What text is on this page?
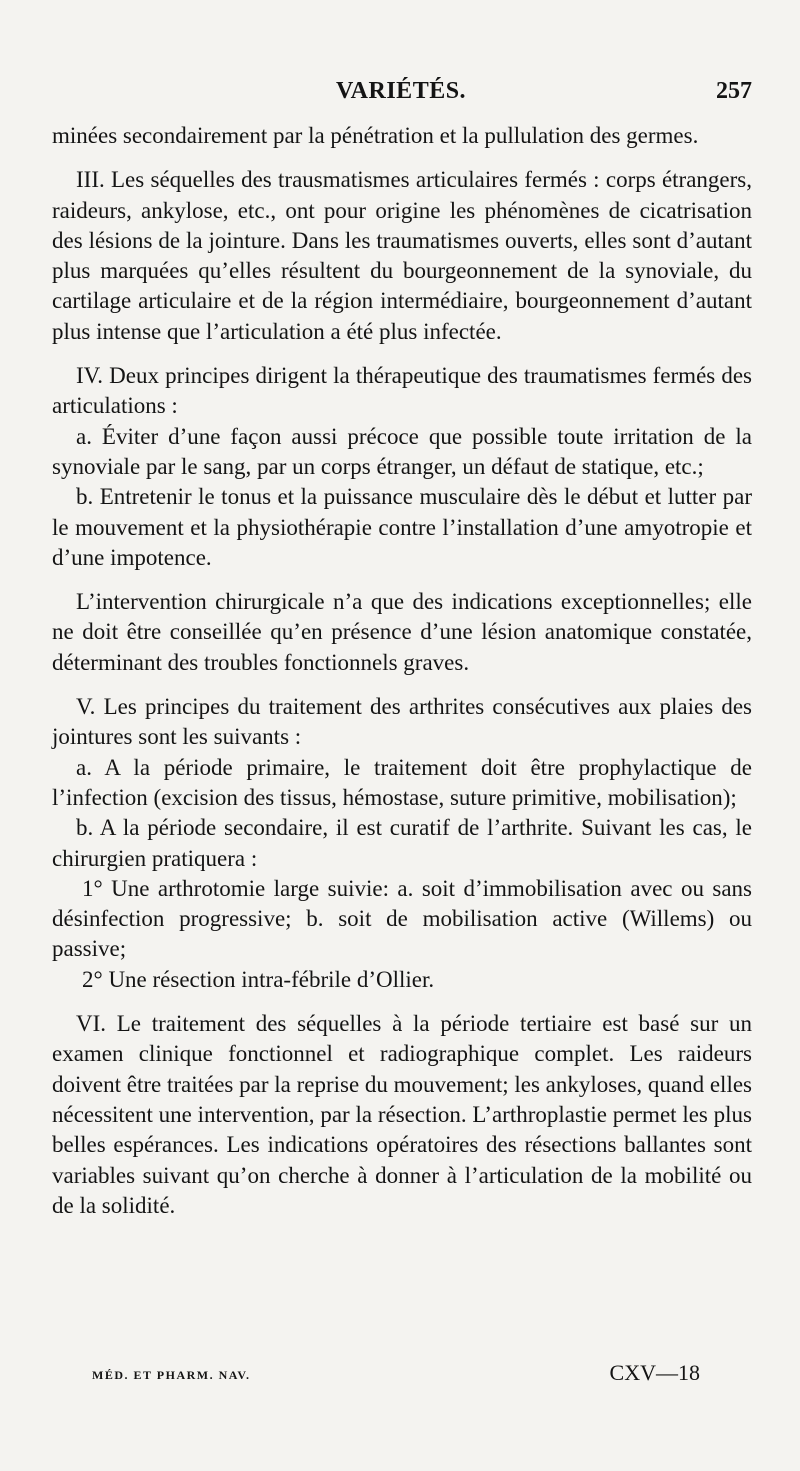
VARIÉTÉS.	257

minées secondairement par la pénétration et la pullulation des germes.

III. Les séquelles des trausmatismes articulaires fermés : corps étrangers, raideurs, ankylose, etc., ont pour origine les phénomènes de cicatrisation des lésions de la jointure. Dans les traumatismes ouverts, elles sont d’autant plus marquées qu’elles résultent du bourgeonnement de la synoviale, du cartilage articulaire et de la région intermédiaire, bourgeonnement d’autant plus intense que l’articulation a été plus infectée.

IV. Deux principes dirigent la thérapeutique des traumatismes fermés des articulations :

a. Éviter d’une façon aussi précoce que possible toute irritation de la synoviale par le sang, par un corps étranger, un défaut de statique, etc.;

b. Entretenir le tonus et la puissance musculaire dès le début et lutter par le mouvement et la physiothérapie contre l’installation d’une amyotropie et d’une impotence.

L’intervention chirurgicale n’a que des indications exceptionnelles; elle ne doit être conseillée qu’en présence d’une lésion anatomique constatée, déterminant des troubles fonctionnels graves.

V. Les principes du traitement des arthrites consécutives aux plaies des jointures sont les suivants :

a. A la période primaire, le traitement doit être prophylactique de l’infection (excision des tissus, hémostase, suture primitive, mobilisation);

b. A la période secondaire, il est curatif de l’arthrite. Suivant les cas, le chirurgien pratiquera :

1° Une arthrotomie large suivie: a. soit d’immobilisation avec ou sans désinfection progressive; b. soit de mobilisation active (Willems) ou passive;

2° Une résection intra-fébrile d’Ollier.

VI. Le traitement des séquelles à la période tertiaire est basé sur un examen clinique fonctionnel et radiographique complet. Les raideurs doivent être traitées par la reprise du mouvement; les ankyloses, quand elles nécessitent une intervention, par la résection. L’arthroplastie permet les plus belles espérances. Les indications opératoires des résections ballantes sont variables suivant qu’on cherche à donner à l’articulation de la mobilité ou de la solidité.

MÉD. ET PHARM. NAV.	CXV—18
